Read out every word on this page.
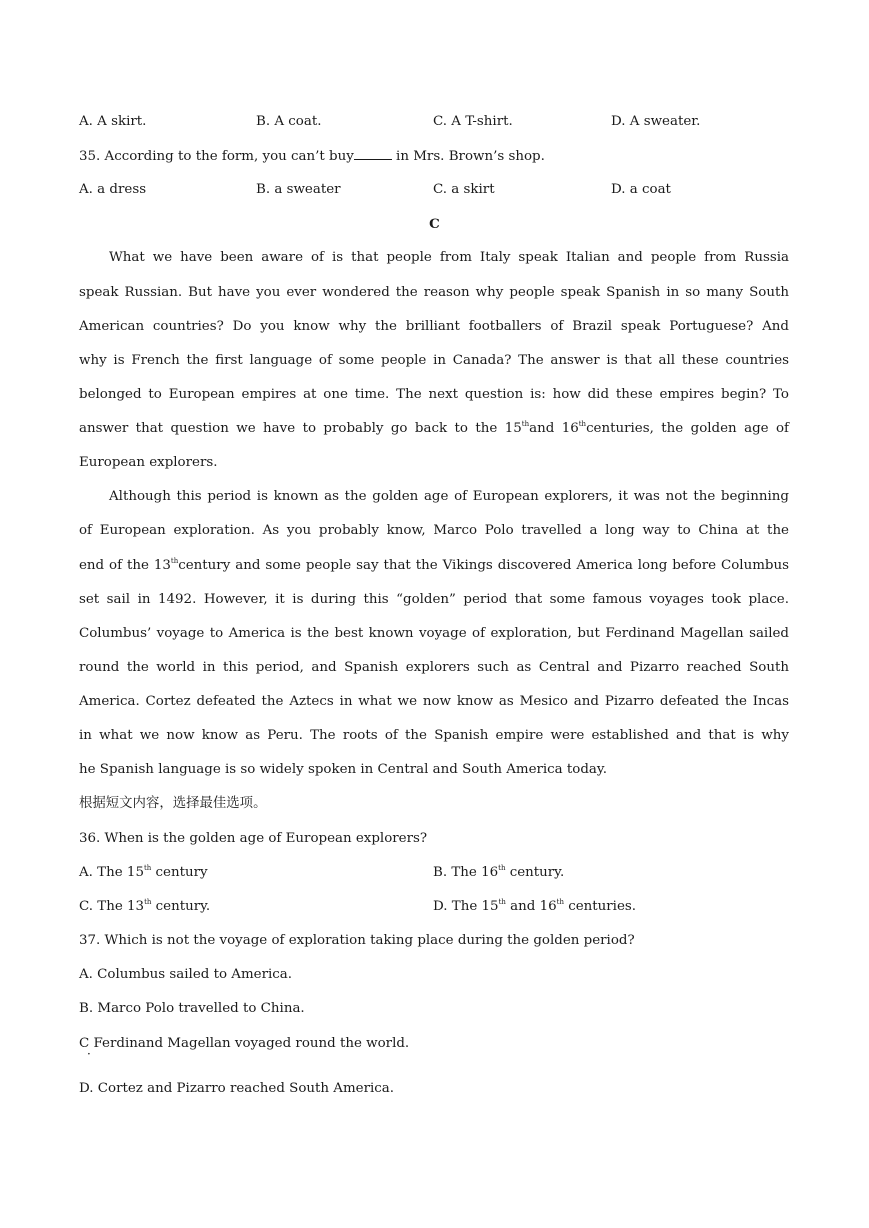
A. A skirt.	B. A coat.	C. A T-shirt.	D. A sweater.
35. According to the form, you can’t buy	in Mrs. Brown’s shop.
A. a dress	B. a sweater	C. a skirt	D. a coat
C
What we have been aware of is that people from Italy speak Italian and people from Russia
speak Russian. But have you ever wondered the reason why people speak Spanish in so many South
American countries? Do you know why the brilliant footballers of Brazil speak Portuguese? And
why is French the first language of some people in Canada? The answer is that all these countries
belonged to European empires at one time. The next question is: how did these empires begin? To
answer that question we have to probably go back to the 15thand 16thcenturies, the golden age of
European explorers.
Although this period is known as the golden age of European explorers, it was not the beginning
of European exploration. As you probably know, Marco Polo travelled a long way to China at the
end of the 13thcentury and some people say that the Vikings discovered America long before Columbus
set sail in 1492. However, it is during this “golden” period that some famous voyages took place.
Columbus’ voyage to America is the best known voyage of exploration, but Ferdinand Magellan sailed
round the world in this period, and Spanish explorers such as Central and Pizarro reached South
America. Cortez defeated the Aztecs in what we now know as Mesico and Pizarro defeated the Incas
in what we now know as Peru. The roots of the Spanish empire were established and that is why
he Spanish language is so widely spoken in Central and South America today.
根据短文内容，选择最佳选项。
36. When is the golden age of European explorers?
A. The 15th century	B. The 16th century.
C. The 13th century.	D. The 15th and 16th centuries.
37. Which is not the voyage of exploration taking place during the golden period?
A. Columbus sailed to America.
B. Marco Polo travelled to China.
C Ferdinand Magellan voyaged round the world.
·
D. Cortez and Pizarro reached South America.
